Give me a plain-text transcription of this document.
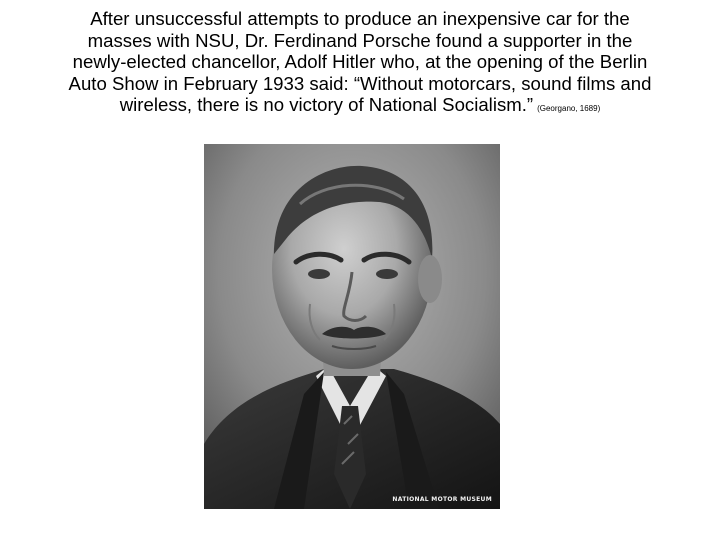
After unsuccessful attempts to produce an inexpensive car for the
masses with NSU, Dr. Ferdinand Porsche found a supporter in the
newly-elected chancellor, Adolf Hitler who, at the opening of the Berlin
Auto Show in February 1933 said: “Without motorcars, sound films and
wireless, there is no victory of National Socialism.” (Georgano, 1689)
NATIONAL MOTOR MUSEUM
